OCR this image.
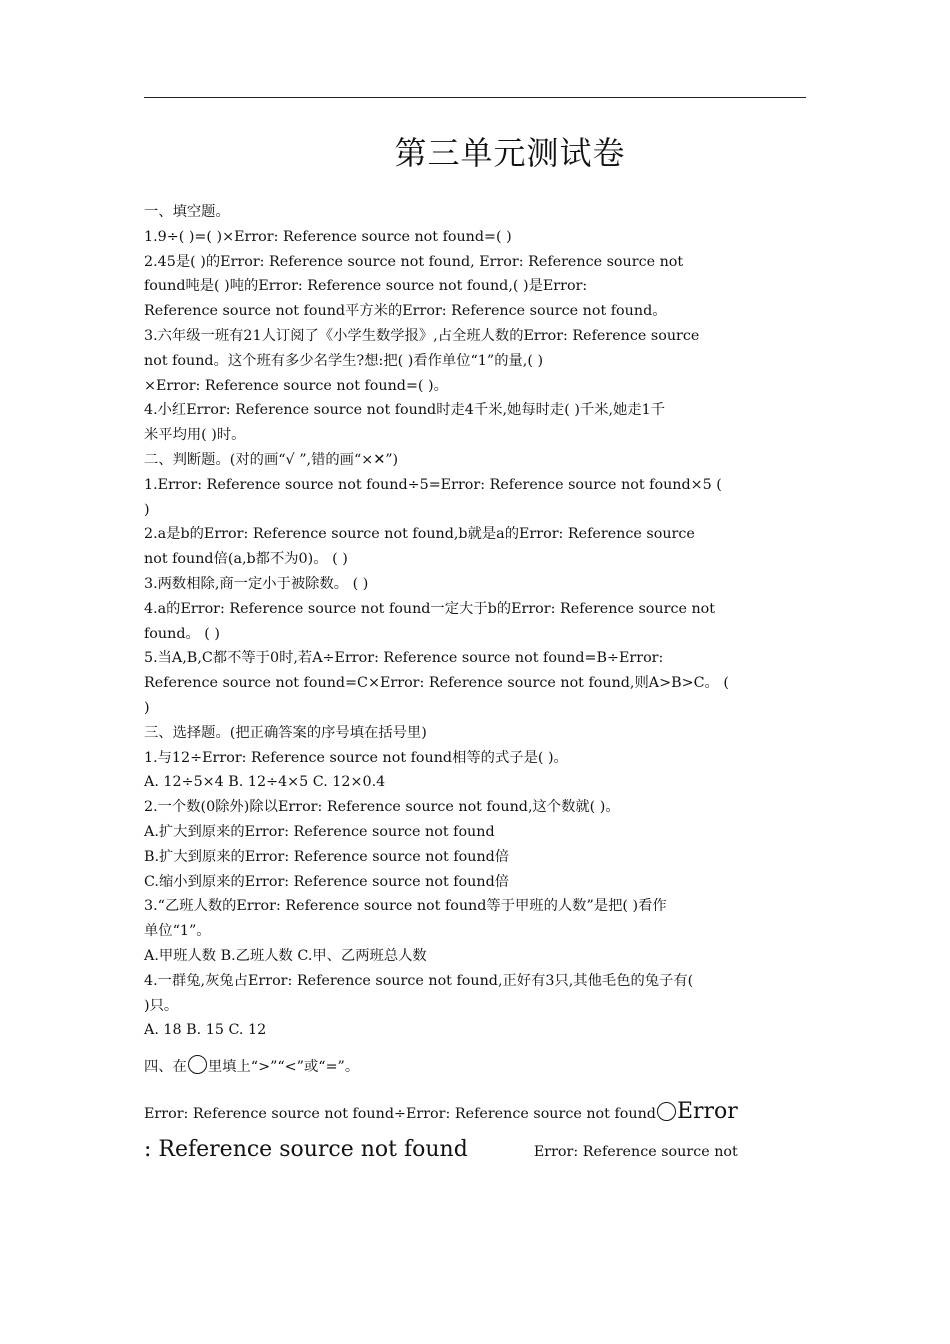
第三单元测试卷
一、填空题。
1.9÷( )=( )×Error: Reference source not found=( )
2.45是( )的Error: Reference source not found, Error: Reference source not
found吨是( )吨的Error: Reference source not found,( )是Error:
Reference source not found平方米的Error: Reference source not found。
3.六年级一班有21人订阅了《小学生数学报》,占全班人数的Error: Reference source
not found。这个班有多少名学生?想:把( )看作单位“1”的量,( )
×Error: Reference source not found=( )。
4.小红Error: Reference source not found时走4千米,她每时走( )千米,她走1千
米平均用( )时。
二、判断题。(对的画“√ ”,错的画“×✕”)
1.Error: Reference source not found÷5=Error: Reference source not found×5 (
)
2.a是b的Error: Reference source not found,b就是a的Error: Reference source
not found倍(a,b都不为0)。 ( )
3.两数相除,商一定小于被除数。 ( )
4.a的Error: Reference source not found一定大于b的Error: Reference source not
found。 ( )
5.当A,B,C都不等于0时,若A÷Error: Reference source not found=B÷Error:
Reference source not found=C×Error: Reference source not found,则A>B>C。 (
)
三、选择题。(把正确答案的序号填在括号里)
1.与12÷Error: Reference source not found相等的式子是( )。
A. 12÷5×4 B. 12÷4×5 C. 12×0.4
2.一个数(0除外)除以Error: Reference source not found,这个数就( )。
A.扩大到原来的Error: Reference source not found
B.扩大到原来的Error: Reference source not found倍
C.缩小到原来的Error: Reference source not found倍
3.“乙班人数的Error: Reference source not found等于甲班的人数”是把( )看作
单位“1”。
A.甲班人数 B.乙班人数 C.甲、乙两班总人数
4.一群兔,灰兔占Error: Reference source not found,正好有3只,其他毛色的兔子有(
)只。
A. 18 B. 15 C. 12
四、在 里填上“>”“<”或“=”。
Error: Reference source not found÷Error: Reference source not found Error
: Reference source not found	Error: Reference source not
